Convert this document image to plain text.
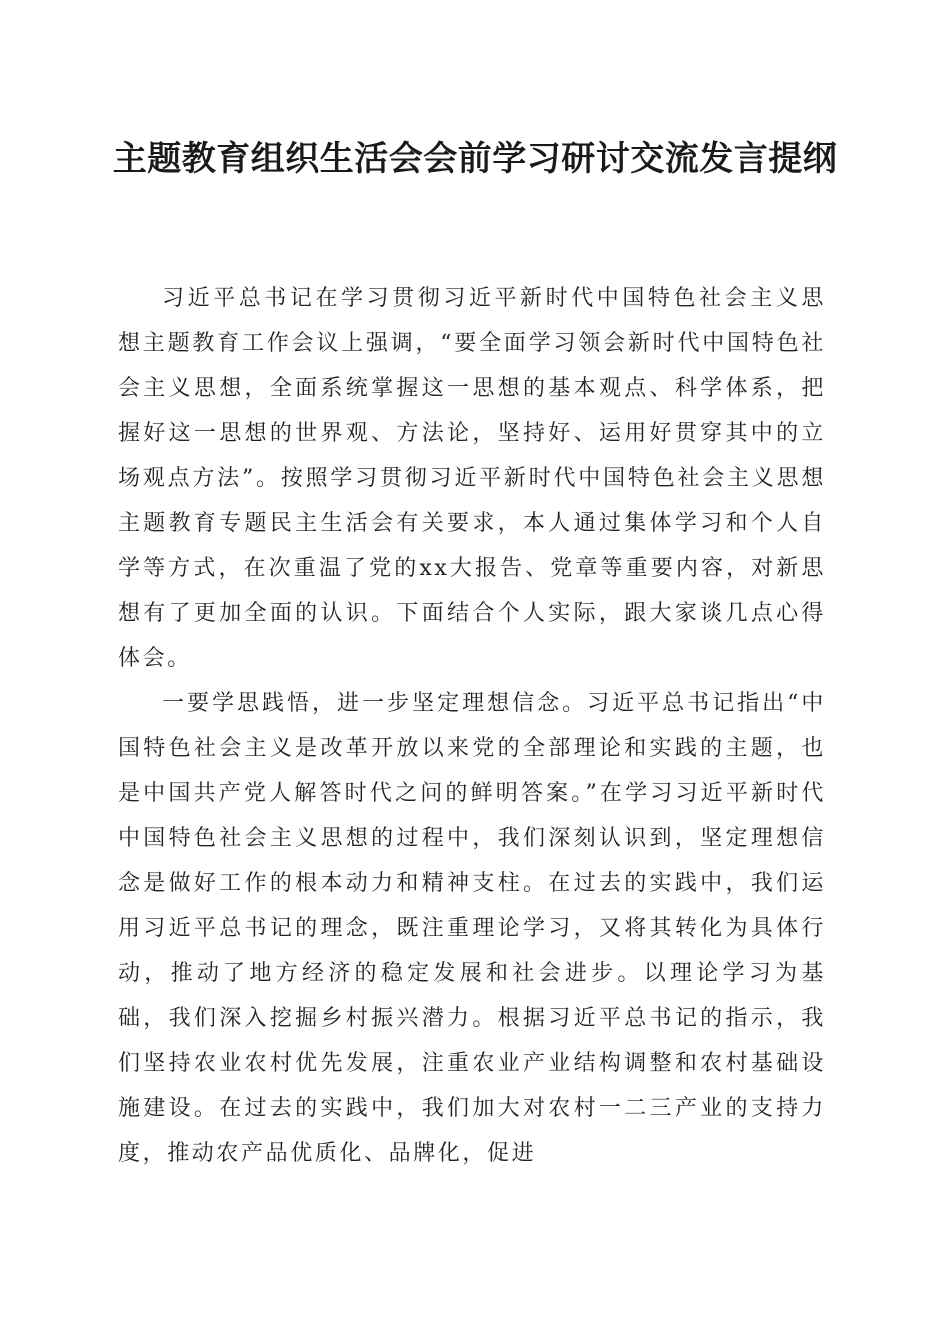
主题教育组织生活会会前学习研讨交流发言提纲

习近平总书记在学习贯彻习近平新时代中国特色社会主义思想主题教育工作会议上强调，“要全面学习领会新时代中国特色社会主义思想，全面系统掌握这一思想的基本观点、科学体系，把握好这一思想的世界观、方法论，坚持好、运用好贯穿其中的立场观点方法”。按照学习贯彻习近平新时代中国特色社会主义思想主题教育专题民主生活会有关要求，本人通过集体学习和个人自学等方式，在次重温了党的xx大报告、党章等重要内容，对新思想有了更加全面的认识。下面结合个人实际，跟大家谈几点心得体会。

一要学思践悟，进一步坚定理想信念。习近平总书记指出“中国特色社会主义是改革开放以来党的全部理论和实践的主题，也是中国共产党人解答时代之问的鲜明答案。”在学习习近平新时代中国特色社会主义思想的过程中，我们深刻认识到，坚定理想信念是做好工作的根本动力和精神支柱。在过去的实践中，我们运用习近平总书记的理念，既注重理论学习，又将其转化为具体行动，推动了地方经济的稳定发展和社会进步。以理论学习为基础，我们深入挖掘乡村振兴潜力。根据习近平总书记的指示，我们坚持农业农村优先发展，注重农业产业结构调整和农村基础设施建设。在过去的实践中，我们加大对农村一二三产业的支持力度，推动农产品优质化、品牌化，促进
